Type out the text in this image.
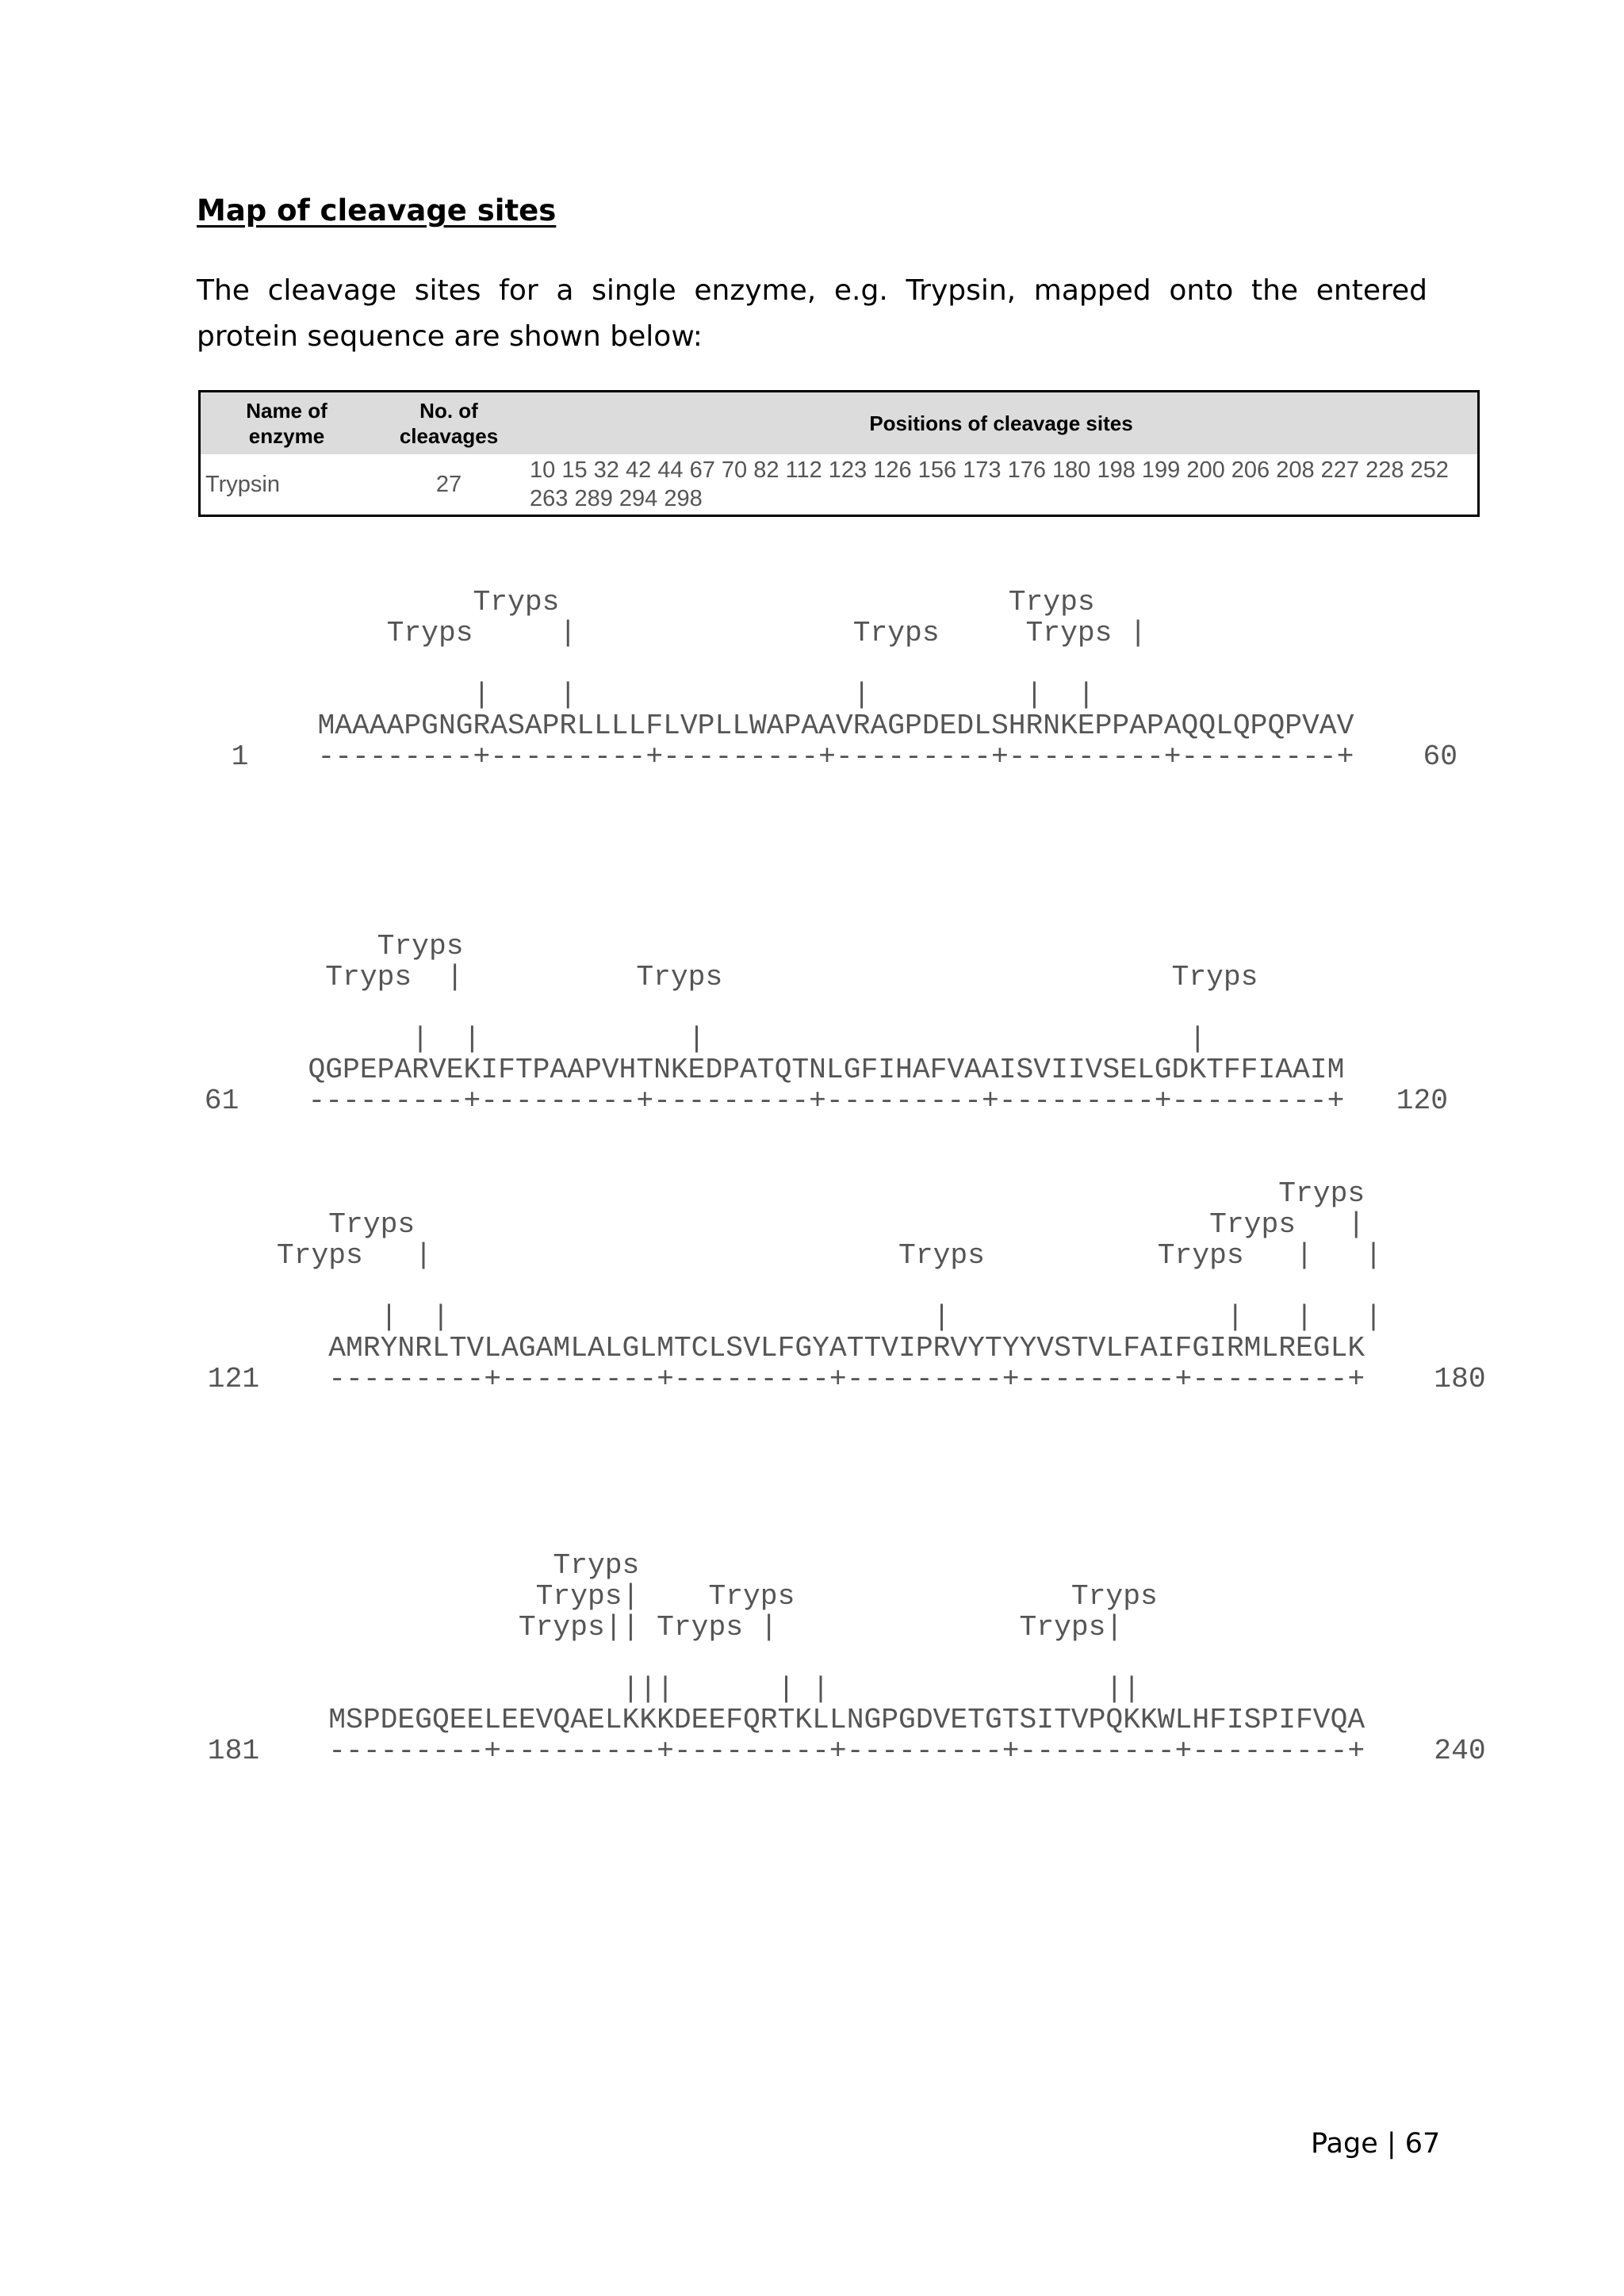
Map of cleavage sites

The cleavage sites for a single enzyme, e.g. Trypsin, mapped onto the entered protein sequence are shown below:

Name of enzyme	No. of cleavages	Positions of cleavage sites
Trypsin	27	10 15 32 42 44 67 70 82 112 123 126 156 173 176 180 198 199 200 206 208 227 228 252 263 289 294 298
Tryps                          Tryps
Tryps     |                Tryps     Tryps |

|    |                |         |  |
MAAAAPGNGRASAPRLLLLFLVPLLWAPAAVRAGPDEDLSHRNKEPPAPAQQLQPQPVAV
1    ---------+---------+---------+---------+---------+---------+    60
Tryps
Tryps  |          Tryps                          Tryps

|  |            |                            |
QGPEPARVEKIFTPAAPVHTNKEDPATQTNLGFIHAFVAAISVIIVSELGDKTFFIAAIM
61    ---------+---------+---------+---------+---------+---------+   120
Tryps
Tryps                                              Tryps   |
Tryps   |                           Tryps          Tryps   |   |

|  |                            |                |   |   |
AMRYNRLTVLAGAMLALGLMTCLSVLFGYATTVIPRVYTYYVSTVLFAIFGIRMLREGLK
121    ---------+---------+---------+---------+---------+---------+    180
Tryps
Tryps|    Tryps                Tryps
Tryps|| Tryps |              Tryps|

|||      | |                ||
MSPDEGQEELEEVQAELKKKDEEFQRTKLLNGPGDVETGTSITVPQKKWLHFISPIFVQA
181    ---------+---------+---------+---------+---------+---------+    240
Page | 67
